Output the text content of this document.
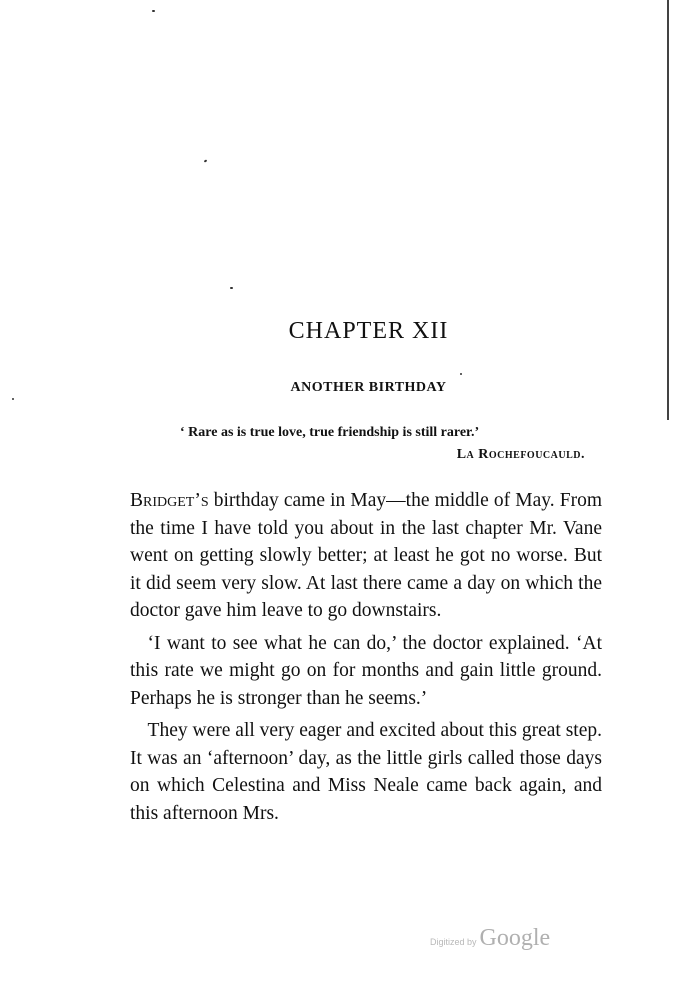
CHAPTER XII
ANOTHER BIRTHDAY
‘ Rare as is true love, true friendship is still rarer.’
La Rochefoucauld.

Bridget’s birthday came in May—the middle of May. From the time I have told you about in the last chapter Mr. Vane went on getting slowly better; at least he got no worse. But it did seem very slow. At last there came a day on which the doctor gave him leave to go downstairs.

‘I want to see what he can do,’ the doctor explained. ‘At this rate we might go on for months and gain little ground. Perhaps he is stronger than he seems.’

They were all very eager and excited about this great step. It was an ‘afternoon’ day, as the little girls called those days on which Celestina and Miss Neale came back again, and this afternoon Mrs.

Digitized by Google
